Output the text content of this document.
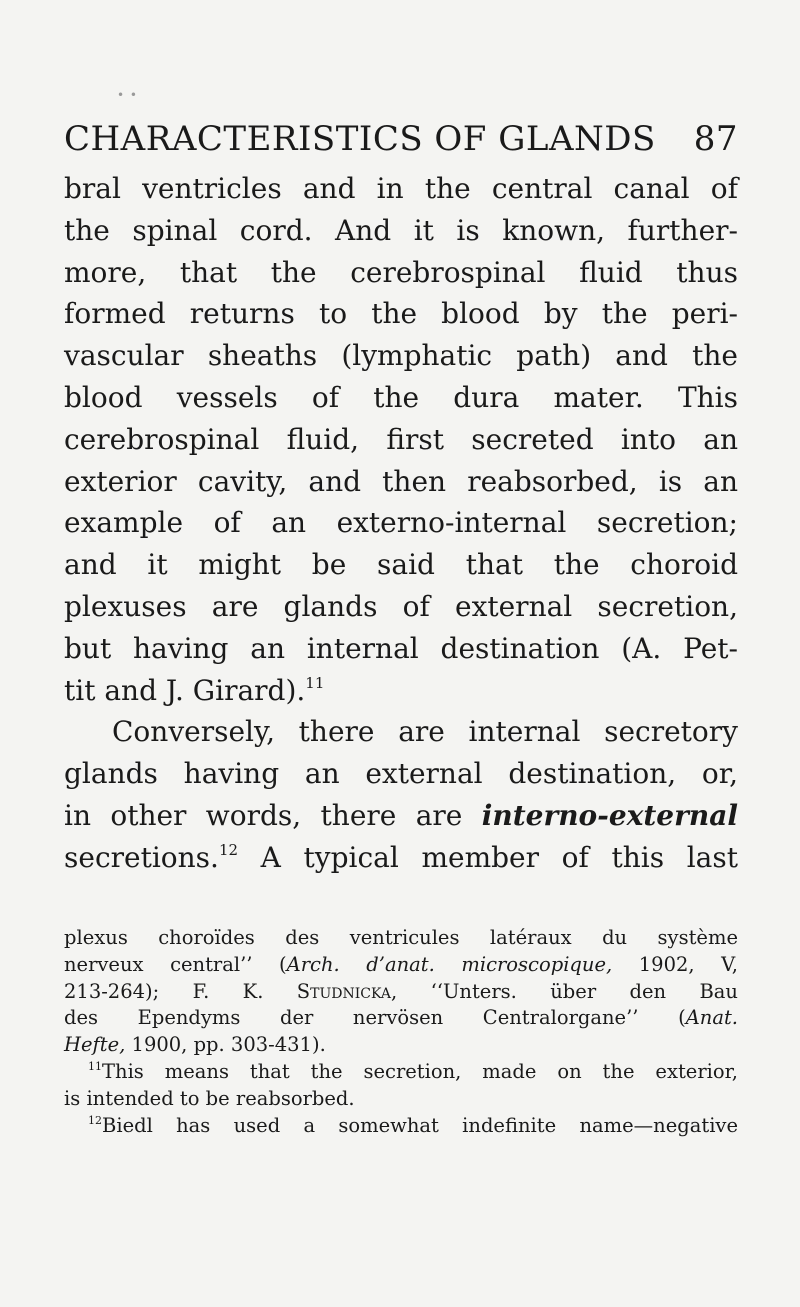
• •
CHARACTERISTICS OF GLANDS 87
bral ventricles and in the central canal of
the spinal cord. And it is known, further-
more, that the cerebrospinal fluid thus
formed returns to the blood by the peri-
vascular sheaths (lymphatic path) and the
blood vessels of the dura mater. This
cerebrospinal fluid, first secreted into an
exterior cavity, and then reabsorbed, is an
example of an externo-internal secretion;
and it might be said that the choroid
plexuses are glands of external secretion,
but having an internal destination (A. Pet-
tit and J. Girard).$^{11}$
Conversely, there are internal secretory
glands having an external destination, or,
in other words, there are interno-external
secretions.$^{12}$ A typical member of this last
plexus choroïdes des ventricules latéraux du système
nerveux central’’ (Arch. d’anat. microscopique, 1902, V,
213-264); F. K. Studnicka, ‘‘Unters. über den Bau
des Ependyms der nervösen Centralorgane’’ (Anat.
Hefte, 1900, pp. 303-431).
$^{11}$This means that the secretion, made on the exterior,
is intended to be reabsorbed.
$^{12}$Biedl has used a somewhat indefinite name—negative
